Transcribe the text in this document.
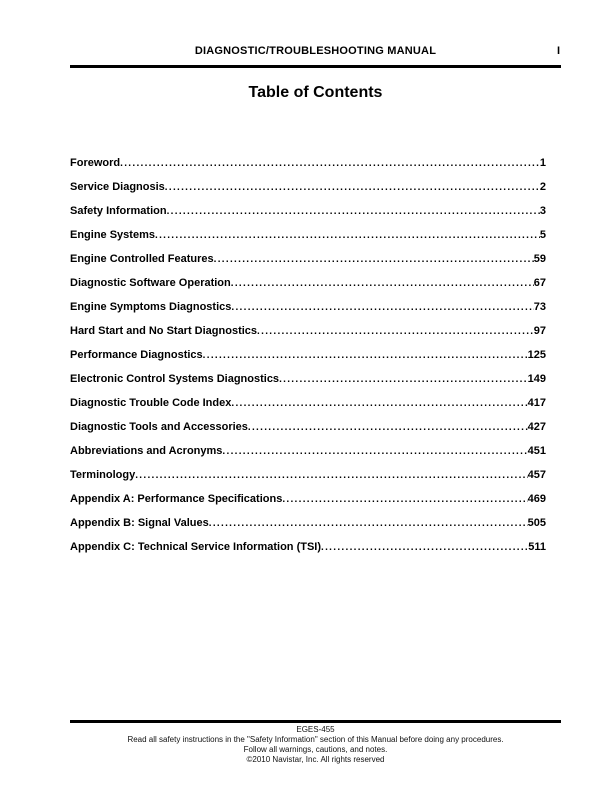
DIAGNOSTIC/TROUBLESHOOTING MANUAL	I
Table of Contents
Foreword .....	1
Service Diagnosis .....	2
Safety Information .....	3
Engine Systems .....	5
Engine Controlled Features .....	59
Diagnostic Software Operation .....	67
Engine Symptoms Diagnostics .....	73
Hard Start and No Start Diagnostics .....	97
Performance Diagnostics .....	125
Electronic Control Systems Diagnostics .....	149
Diagnostic Trouble Code Index .....	417
Diagnostic Tools and Accessories .....	427
Abbreviations and Acronyms .....	451
Terminology .....	457
Appendix A: Performance Specifications .....	469
Appendix B: Signal Values .....	505
Appendix C: Technical Service Information (TSI) .....	511
EGES-455
Read all safety instructions in the "Safety Information" section of this Manual before doing any procedures.
Follow all warnings, cautions, and notes.
©2010 Navistar, Inc. All rights reserved
